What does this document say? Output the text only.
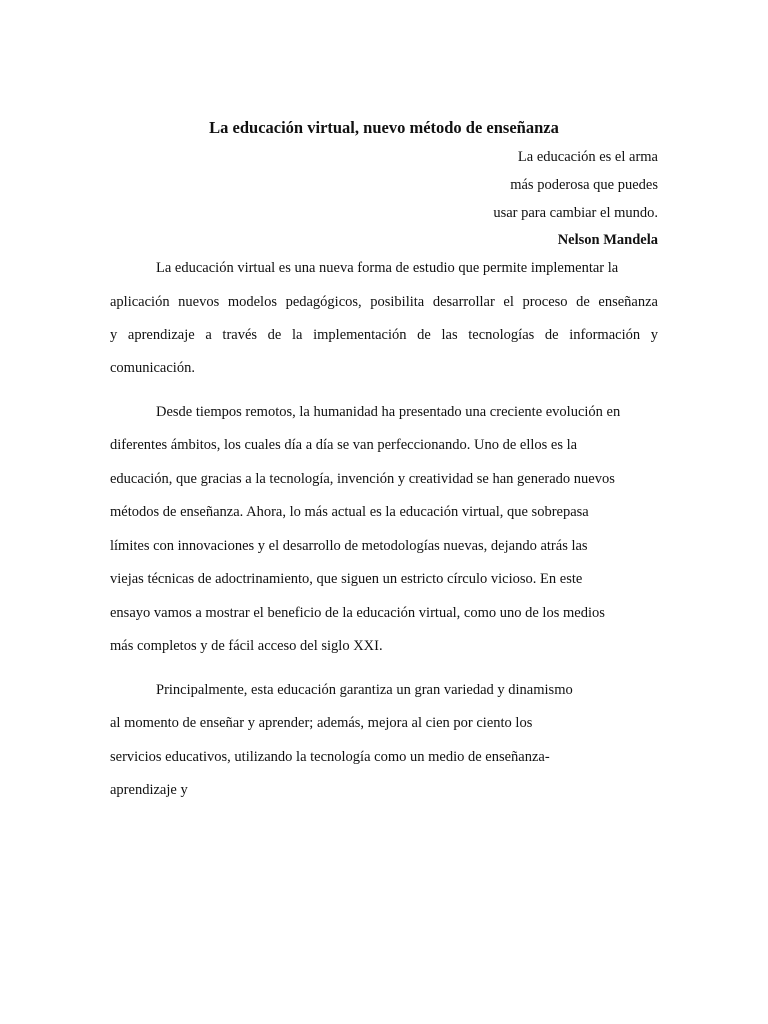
La educación virtual, nuevo método de enseñanza
La educación es el arma
más poderosa que puedes
usar para cambiar el mundo.
Nelson Mandela
La educación virtual es una nueva forma de estudio que permite implementar la
aplicación nuevos modelos pedagógicos, posibilita desarrollar el proceso de enseñanza
y aprendizaje a través de la implementación de las tecnologías de información y
comunicación.
Desde tiempos remotos, la humanidad ha presentado una creciente evolución en
diferentes ámbitos, los cuales día a día se van perfeccionando. Uno de ellos es la
educación, que gracias a la tecnología, invención y creatividad se han generado nuevos
métodos de enseñanza. Ahora, lo más actual es la educación virtual, que sobrepasa
límites con innovaciones y el desarrollo de metodologías nuevas, dejando atrás las
viejas técnicas de adoctrinamiento, que siguen un estricto círculo vicioso. En este
ensayo vamos a mostrar el beneficio de la educación virtual, como uno de los medios
más completos y de fácil acceso del siglo XXI.
Principalmente, esta educación garantiza un gran variedad y dinamismo
al momento de enseñar y aprender; además, mejora al cien por ciento los
servicios educativos, utilizando la tecnología como un medio de enseñanza-
aprendizaje y
